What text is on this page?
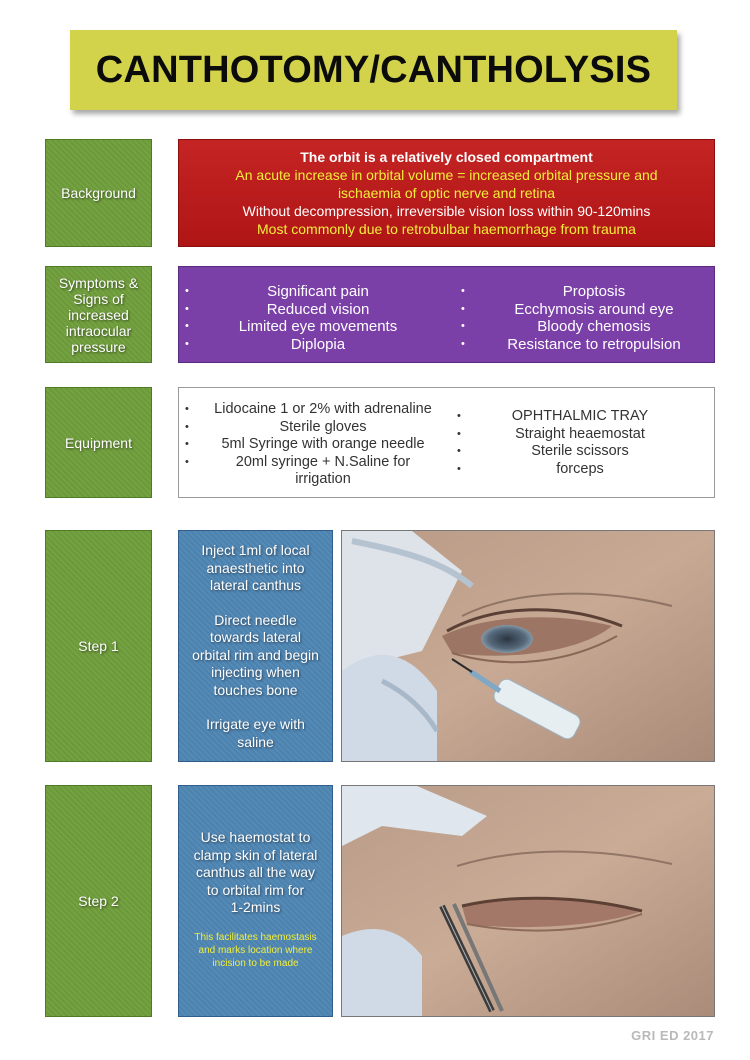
CANTHOTOMY/CANTHOLYSIS
Background
The orbit is a relatively closed compartment
An acute increase in orbital volume = increased orbital pressure and
ischaemia of optic nerve and retina
Without decompression, irreversible vision loss within 90-120mins
Most commonly due to retrobulbar haemorrhage from trauma
Symptoms &
Signs of
increased
intraocular
pressure
•	Significant pain
•	Reduced vision
•	Limited eye movements
•	Diplopia
•	Proptosis
•	Ecchymosis around eye
•	Bloody chemosis
•	Resistance to retropulsion
Equipment
•	Lidocaine 1 or 2% with adrenaline
•	Sterile gloves
•	5ml Syringe with orange needle
•	20ml syringe + N.Saline for
irrigation
•	OPHTHALMIC TRAY
•	Straight heaemostat
•	Sterile scissors
•	forceps
Step 1
Inject 1ml of local
anaesthetic into
lateral canthus
Direct needle
towards lateral
orbital rim and begin
injecting when
touches bone
Irrigate eye with
saline
Step 2
Use haemostat to
clamp skin of lateral
canthus all the way
to orbital rim for
1-2mins
This facilitates haemostasis
and marks location where
incision to be made
GRI ED 2017
